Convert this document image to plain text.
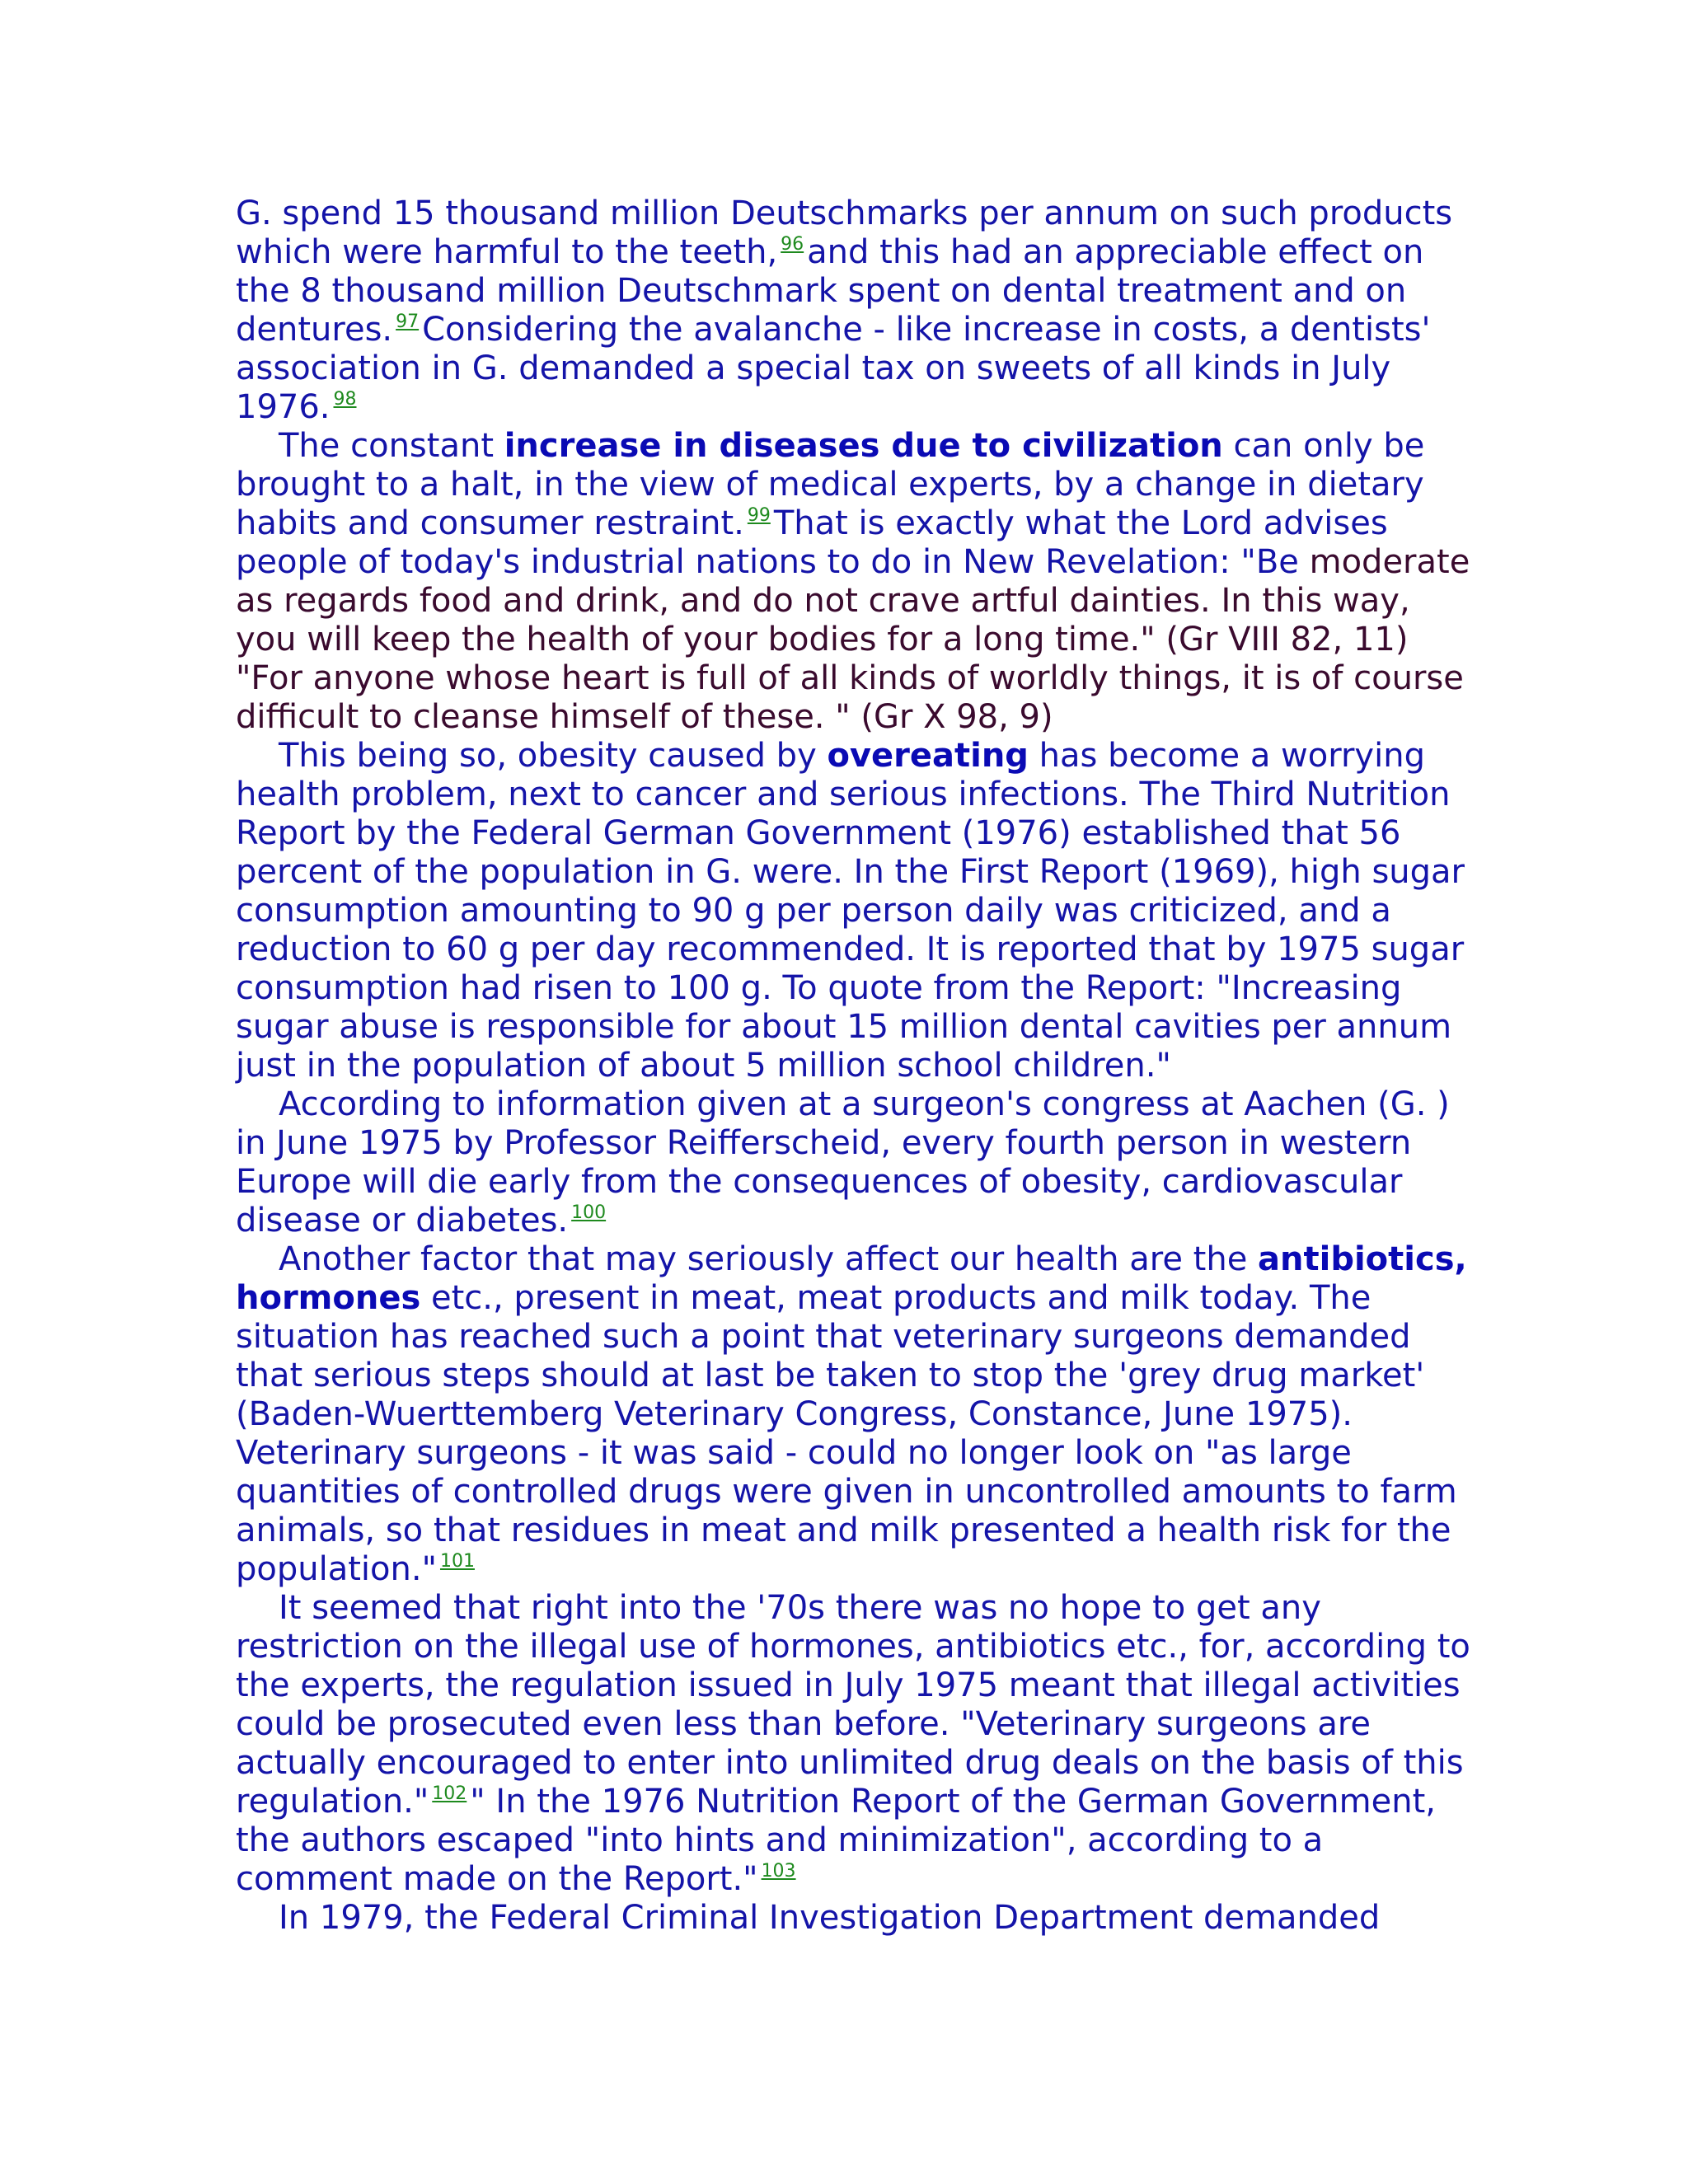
G. spend 15 thousand million Deutschmarks per annum on such products which were harmful to the teeth, $^{96}$ and this had an appreciable effect on the 8 thousand million Deutschmark spent on dental treatment and on dentures. $^{97}$ Considering the avalanche - like increase in costs, a dentists' association in G. demanded a special tax on sweets of all kinds in July 1976. $^{98}$

The constant increase in diseases due to civilization can only be brought to a halt, in the view of medical experts, by a change in dietary habits and consumer restraint. $^{99}$ That is exactly what the Lord advises people of today's industrial nations to do in New Revelation: "Be moderate as regards food and drink, and do not crave artful dainties. In this way, you will keep the health of your bodies for a long time." (Gr VIII 82, 11) "For anyone whose heart is full of all kinds of worldly things, it is of course difficult to cleanse himself of these. " (Gr X 98, 9)

This being so, obesity caused by overeating has become a worrying health problem, next to cancer and serious infections. The Third Nutrition Report by the Federal German Government (1976) established that 56 percent of the population in G. were. In the First Report (1969), high sugar consumption amounting to 90 g per person daily was criticized, and a reduction to 60 g per day recommended. It is reported that by 1975 sugar consumption had risen to 100 g. To quote from the Report: "Increasing sugar abuse is responsible for about 15 million dental cavities per annum just in the population of about 5 million school children."

According to information given at a surgeon's congress at Aachen (G. ) in June 1975 by Professor Reifferscheid, every fourth person in western Europe will die early from the consequences of obesity, cardiovascular disease or diabetes. $^{100}$

Another factor that may seriously affect our health are the antibiotics, hormones etc., present in meat, meat products and milk today. The situation has reached such a point that veterinary surgeons demanded that serious steps should at last be taken to stop the 'grey drug market' (Baden-Wuerttemberg Veterinary Congress, Constance, June 1975). Veterinary surgeons - it was said - could no longer look on "as large quantities of controlled drugs were given in uncontrolled amounts to farm animals, so that residues in meat and milk presented a health risk for the population." $^{101}$

It seemed that right into the '70s there was no hope to get any restriction on the illegal use of hormones, antibiotics etc., for, according to the experts, the regulation issued in July 1975 meant that illegal activities could be prosecuted even less than before. "Veterinary surgeons are actually encouraged to enter into unlimited drug deals on the basis of this regulation." $^{102}$ " In the 1976 Nutrition Report of the German Government, the authors escaped "into hints and minimization", according to a comment made on the Report." $^{103}$

In 1979, the Federal Criminal Investigation Department demanded
